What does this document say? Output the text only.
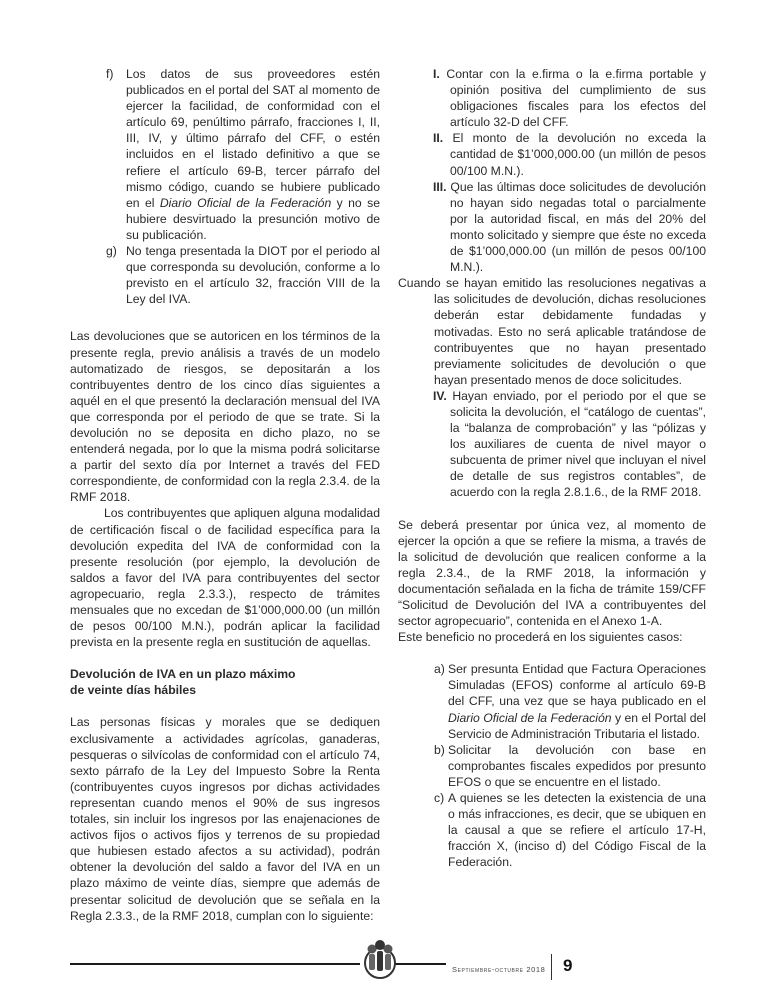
f) Los datos de sus proveedores estén publicados en el portal del SAT al momento de ejercer la facilidad, de conformidad con el artículo 69, penúltimo párrafo, fracciones I, II, III, IV, y último párrafo del CFF, o estén incluidos en el listado definitivo a que se refiere el artículo 69-B, tercer párrafo del mismo código, cuando se hubiere publicado en el Diario Oficial de la Federación y no se hubiere desvirtuado la presunción motivo de su publicación.

g) No tenga presentada la DIOT por el periodo al que corresponda su devolución, conforme a lo previsto en el artículo 32, fracción VIII de la Ley del IVA.

Las devoluciones que se autoricen en los términos de la presente regla, previo análisis a través de un modelo automatizado de riesgos, se depositarán a los contribuyentes dentro de los cinco días siguientes a aquél en el que presentó la declaración mensual del IVA que corresponda por el periodo de que se trate. Si la devolución no se deposita en dicho plazo, no se entenderá negada, por lo que la misma podrá solicitarse a partir del sexto día por Internet a través del FED correspondiente, de conformidad con la regla 2.3.4. de la RMF 2018.

Los contribuyentes que apliquen alguna modalidad de certificación fiscal o de facilidad específica para la devolución expedita del IVA de conformidad con la presente resolución (por ejemplo, la devolución de saldos a favor del IVA para contribuyentes del sector agropecuario, regla 2.3.3.), respecto de trámites mensuales que no excedan de $1’000,000.00 (un millón de pesos 00/100 M.N.), podrán aplicar la facilidad prevista en la presente regla en sustitución de aquellas.

Devolución de IVA en un plazo máximo
de veinte días hábiles

Las personas físicas y morales que se dediquen exclusivamente a actividades agrícolas, ganaderas, pesqueras o silvícolas de conformidad con el artículo 74, sexto párrafo de la Ley del Impuesto Sobre la Renta (contribuyentes cuyos ingresos por dichas actividades representan cuando menos el 90% de sus ingresos totales, sin incluir los ingresos por las enajenaciones de activos fijos o activos fijos y terrenos de su propiedad que hubiesen estado afectos a su actividad), podrán obtener la devolución del saldo a favor del IVA en un plazo máximo de veinte días, siempre que además de presentar solicitud de devolución que se señala en la Regla 2.3.3., de la RMF 2018, cumplan con lo siguiente:

I. Contar con la e.firma o la e.firma portable y opinión positiva del cumplimiento de sus obligaciones fiscales para los efectos del artículo 32-D del CFF.

II. El monto de la devolución no exceda la cantidad de $1’000,000.00 (un millón de pesos 00/100 M.N.).

III. Que las últimas doce solicitudes de devolución no hayan sido negadas total o parcialmente por la autoridad fiscal, en más del 20% del monto solicitado y siempre que éste no exceda de $1’000,000.00 (un millón de pesos 00/100 M.N.).

Cuando se hayan emitido las resoluciones negativas a las solicitudes de devolución, dichas resoluciones deberán estar debidamente fundadas y motivadas. Esto no será aplicable tratándose de contribuyentes que no hayan presentado previamente solicitudes de devolución o que hayan presentado menos de doce solicitudes.

IV. Hayan enviado, por el periodo por el que se solicita la devolución, el “catálogo de cuentas”, la “balanza de comprobación” y las “pólizas y los auxiliares de cuenta de nivel mayor o subcuenta de primer nivel que incluyan el nivel de detalle de sus registros contables”, de acuerdo con la regla 2.8.1.6., de la RMF 2018.

Se deberá presentar por única vez, al momento de ejercer la opción a que se refiere la misma, a través de la solicitud de devolución que realicen conforme a la regla 2.3.4., de la RMF 2018, la información y documentación señalada en la ficha de trámite 159/CFF “Solicitud de Devolución del IVA a contribuyentes del sector agropecuario”, contenida en el Anexo 1-A.

Este beneficio no procederá en los siguientes casos:

a) Ser presunta Entidad que Factura Operaciones Simuladas (EFOS) conforme al artículo 69-B del CFF, una vez que se haya publicado en el Diario Oficial de la Federación y en el Portal del Servicio de Administración Tributaria el listado.

b) Solicitar la devolución con base en comprobantes fiscales expedidos por presunto EFOS o que se encuentre en el listado.

c) A quienes se les detecten la existencia de una o más infracciones, es decir, que se ubiquen en la causal a que se refiere el artículo 17-H, fracción X, (inciso d) del Código Fiscal de la Federación.

Septiembre-octubre 2018 9
